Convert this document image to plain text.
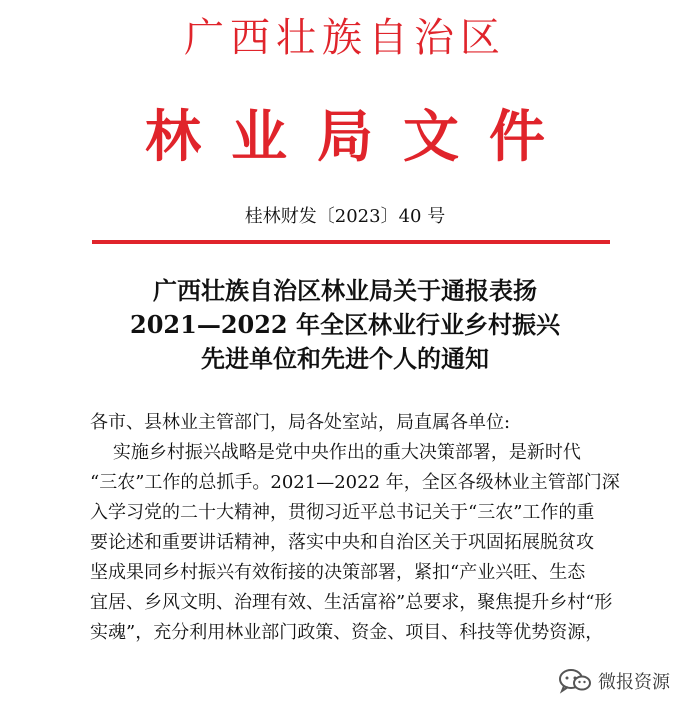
广西壮族自治区
林业局文件
桂林财发〔2023〕40 号
广西壮族自治区林业局关于通报表扬
2021—2022 年全区林业行业乡村振兴
先进单位和先进个人的通知
各市、县林业主管部门，局各处室站，局直属各单位:
实施乡村振兴战略是党中央作出的重大决策部署，是新时代
“三农”工作的总抓手。2021—2022 年，全区各级林业主管部门深
入学习党的二十大精神，贯彻习近平总书记关于“三农”工作的重
要论述和重要讲话精神，落实中央和自治区关于巩固拓展脱贫攻
坚成果同乡村振兴有效衔接的决策部署，紧扣“产业兴旺、生态
宜居、乡风文明、治理有效、生活富裕”总要求，聚焦提升乡村“形
实魂”，充分利用林业部门政策、资金、项目、科技等优势资源，
微报资源
